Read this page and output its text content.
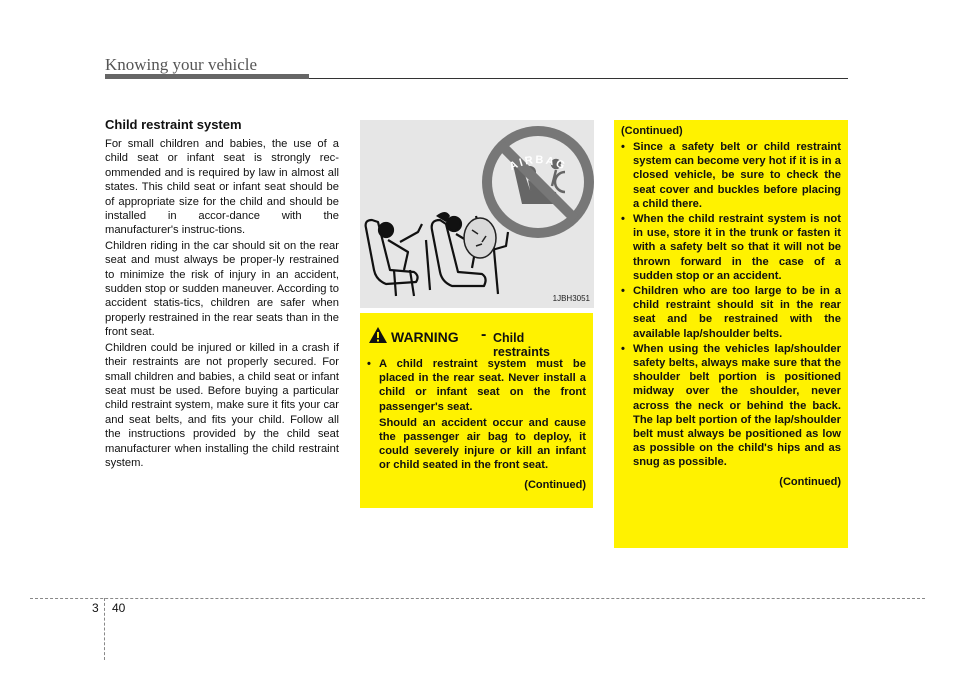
Knowing your vehicle
Child restraint system

For small children and babies, the use of a child seat or infant seat is strongly rec-ommended and is required by law in almost all states. This child seat or infant seat should be of appropriate size for the child and should be installed in accor-dance with the manufacturer's instruc-tions.

Children riding in the car should sit on the rear seat and must always be proper-ly restrained to minimize the risk of injury in an accident, sudden stop or sudden maneuver. According to accident statis-tics, children are safer when properly restrained in the rear seats than in the front seat.

Children could be injured or killed in a crash if their restraints are not properly secured. For small children and babies, a child seat or infant seat must be used. Before buying a particular child restraint system, make sure it fits your car and seat belts, and fits your child. Follow all the instructions provided by the child seat manufacturer when installing the child restraint system.

AIRBAG
1JBH3051
WARNING - Child
restraints
• A child restraint system must be placed in the rear seat. Never install a child or infant seat on the front passenger's seat.
Should an accident occur and cause the passenger air bag to deploy, it could severely injure or kill an infant or child seated in the front seat.
(Continued)
(Continued)
• Since a safety belt or child restraint system can become very hot if it is in a closed vehicle, be sure to check the seat cover and buckles before placing a child there.
• When the child restraint system is not in use, store it in the trunk or fasten it with a safety belt so that it will not be thrown forward in the case of a sudden stop or an accident.
• Children who are too large to be in a child restraint should sit in the rear seat and be restrained with the available lap/shoulder belts.
• When using the vehicles lap/shoulder safety belts, always make sure that the shoulder belt portion is positioned midway over the shoulder, never across the neck or behind the back. The lap belt portion of the lap/shoulder belt must always be positioned as low as possible on the child's hips and as snug as possible.
(Continued)
3 40
